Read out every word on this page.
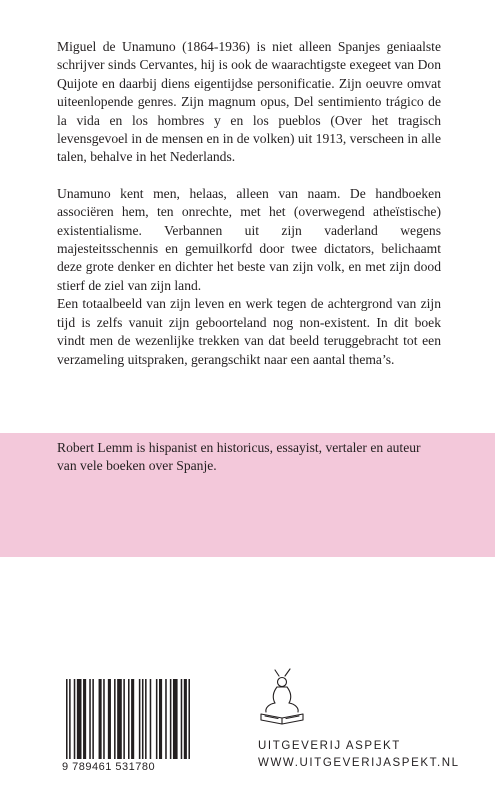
Miguel de Unamuno (1864-1936) is niet alleen Spanjes geniaalste schrijver sinds Cervantes, hij is ook de waarachtigste exegeet van Don Quijote en daarbij diens eigentijdse personificatie. Zijn oeuvre omvat uiteenlopende genres. Zijn magnum opus, Del sentimiento trágico de la vida en los hombres y en los pueblos (Over het tragisch levensgevoel in de mensen en in de volken) uit 1913, verscheen in alle talen, behalve in het Nederlands.

Unamuno kent men, helaas, alleen van naam. De handboeken associëren hem, ten onrechte, met het (overwegend atheïstische) existentialisme. Verbannen uit zijn vaderland wegens majesteitsschennis en gemuilkorfd door twee dictators, belichaamt deze grote denker en dichter het beste van zijn volk, en met zijn dood stierf de ziel van zijn land.

Een totaalbeeld van zijn leven en werk tegen de achtergrond van zijn tijd is zelfs vanuit zijn geboorteland nog non-existent. In dit boek vindt men de wezenlijke trekken van dat beeld teruggebracht tot een verzameling uitspraken, gerangschikt naar een aantal thema’s.

Robert Lemm is hispanist en historicus, essayist, vertaler en auteur van vele boeken over Spanje.

9 789461 531780
UITGEVERIJ ASPEKT
WWW.UITGEVERIJASPEKT.NL
